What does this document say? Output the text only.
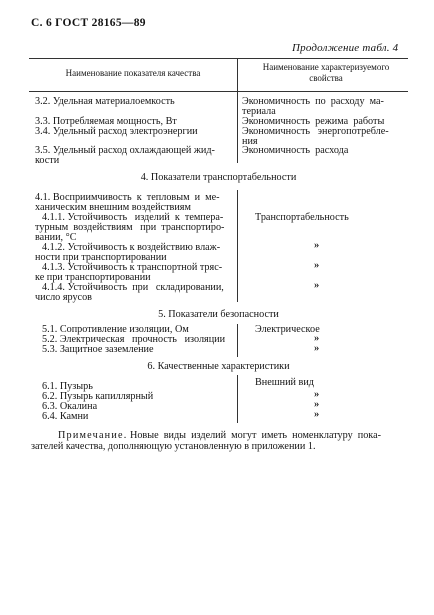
С. 6 ГОСТ 28165—89
Продолжение табл. 4
Наименование показателя качества
Наименование характеризуемого свойства
3.2. Удельная материалоемкость
3.3. Потребляемая мощность, Вт
3.4. Удельный расход электроэнергии
3.5. Удельный расход охлаждающей жид-
кости
Экономичность  по  расходу  ма-
териала
Экономичность  режима  работы
Экономичность   энергопотребле-
ния
Экономичность  расхода
4. Показатели транспортабельности
4.1. Восприимчивость  к  тепловым  и  ме-
ханическим внешним воздействиям
4.1.1. Устойчивость   изделий  к  темпера-
турным  воздействиям   при  транспортиро-
вании, °С
4.1.2. Устойчивость к воздействию влаж-
ности при транспортировании
4.1.3. Устойчивость к транспортной тряс-
ке при транспортировании
4.1.4. Устойчивость  при   складировании,
число ярусов
Транспортабельность
»
»
»
5. Показатели безопасности
5.1. Сопротивление изоляции, Ом
5.2. Электрическая   прочность   изоляции
5.3. Защитное заземление
Электрическое
»
»
6. Качественные характеристики
6.1. Пузырь
6.2. Пузырь капиллярный
6.3. Окалина
6.4. Камни
Внешний вид
»
»
»
Примечание. Новые  виды  изделий  могут  иметь  номенклатуру  пока-
зателей качества, дополняющую установленную в приложении 1.
